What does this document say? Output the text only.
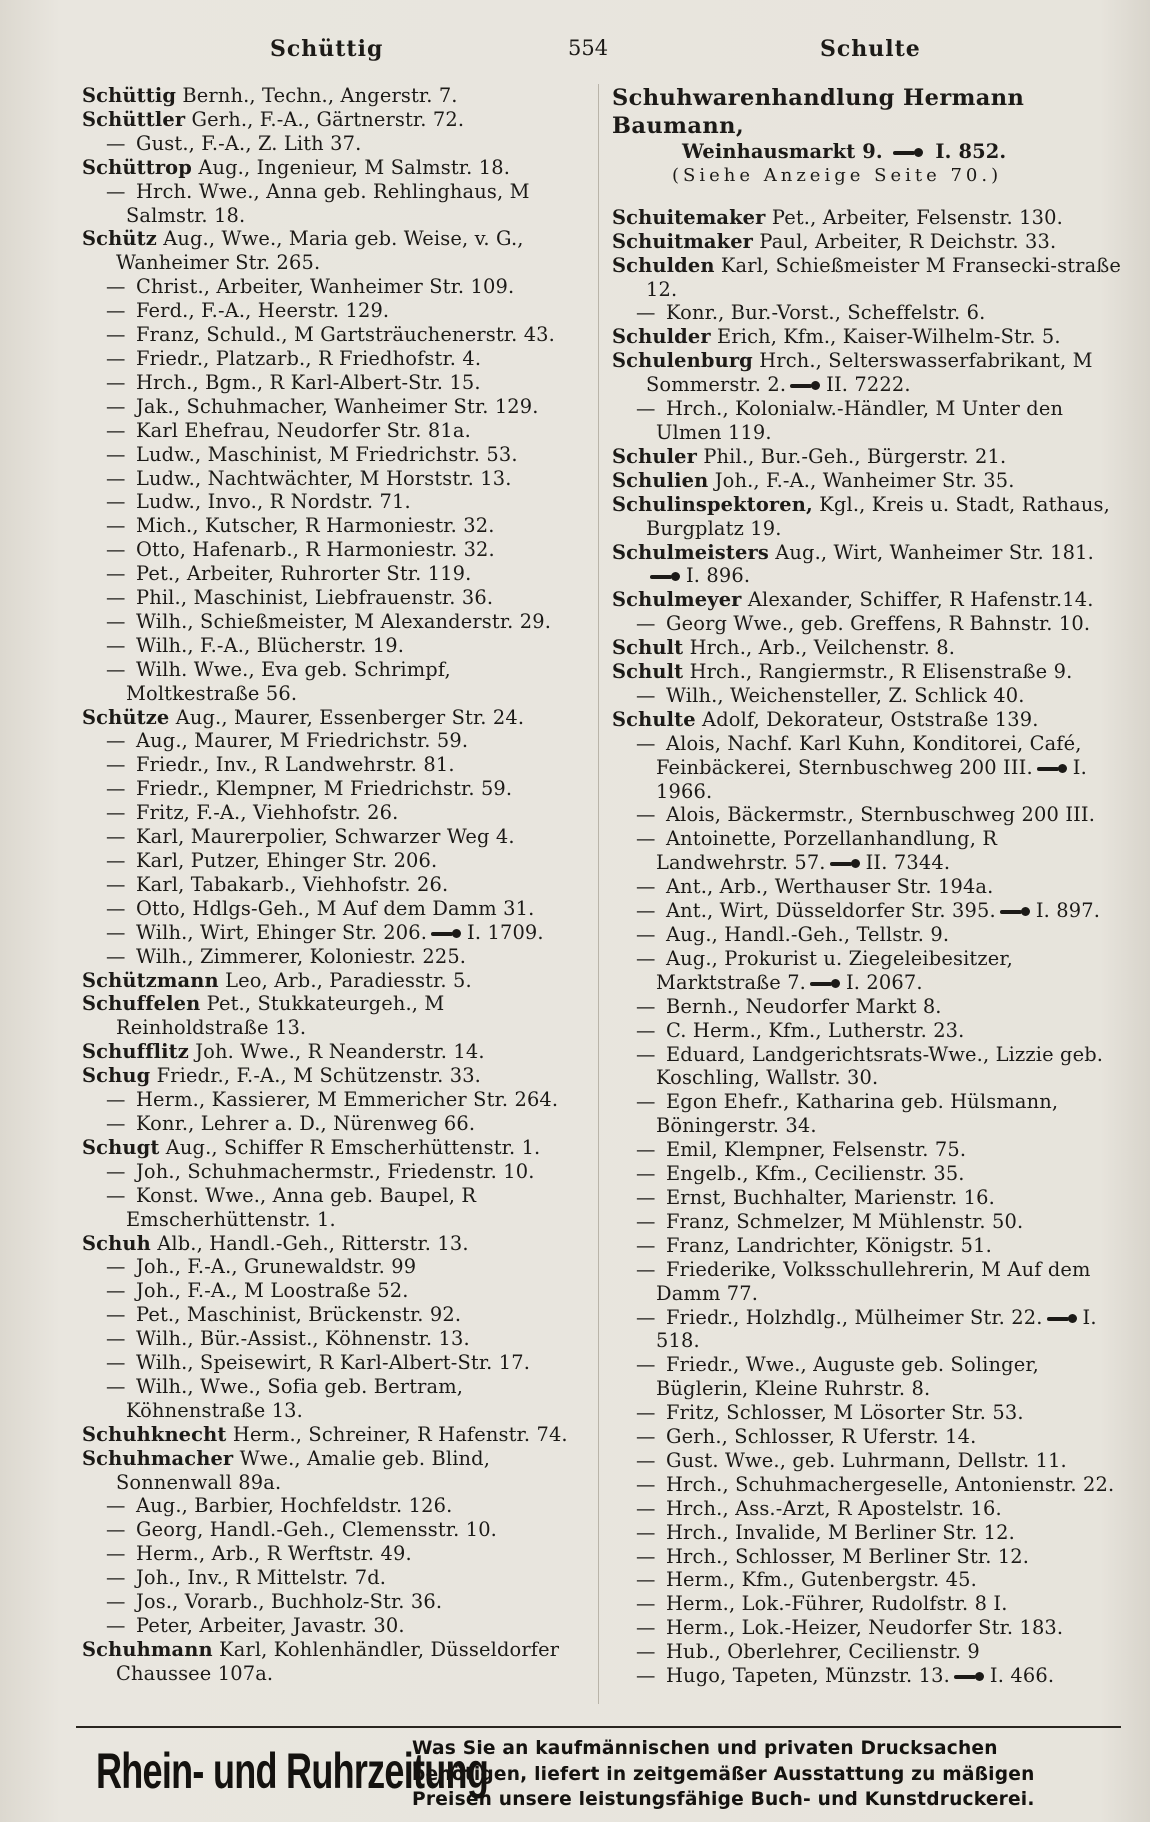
Schüttig	554	Schulte

Schüttig Bernh., Techn., Angerstr. 7.

Schüttler Gerh., F.-A., Gärtnerstr. 72.

— Gust., F.-A., Z. Lith 37.

Schüttrop Aug., Ingenieur, M Salmstr. 18.

— Hrch. Wwe., Anna geb. Rehlinghaus, M Salmstr. 18.

Schütz Aug., Wwe., Maria geb. Weise, v. G., Wanheimer Str. 265.

— Christ., Arbeiter, Wanheimer Str. 109.

— Ferd., F.-A., Heerstr. 129.

— Franz, Schuld., M Gartsträuchenerstr. 43.

— Friedr., Platzarb., R Friedhofstr. 4.

— Hrch., Bgm., R Karl-Albert-Str. 15.

— Jak., Schuhmacher, Wanheimer Str. 129.

— Karl Ehefrau, Neudorfer Str. 81a.

— Ludw., Maschinist, M Friedrichstr. 53.

— Ludw., Nachtwächter, M Horststr. 13.

— Ludw., Invo., R Nordstr. 71.

— Mich., Kutscher, R Harmoniestr. 32.

— Otto, Hafenarb., R Harmoniestr. 32.

— Pet., Arbeiter, Ruhrorter Str. 119.

— Phil., Maschinist, Liebfrauenstr. 36.

— Wilh., Schießmeister, M Alexanderstr. 29.

— Wilh., F.-A., Blücherstr. 19.

— Wilh. Wwe., Eva geb. Schrimpf, Moltkestraße 56.

Schütze Aug., Maurer, Essenberger Str. 24.

— Aug., Maurer, M Friedrichstr. 59.

— Friedr., Inv., R Landwehrstr. 81.

— Friedr., Klempner, M Friedrichstr. 59.

— Fritz, F.-A., Viehhofstr. 26.

— Karl, Maurerpolier, Schwarzer Weg 4.

— Karl, Putzer, Ehinger Str. 206.

— Karl, Tabakarb., Viehhofstr. 26.

— Otto, Hdlgs-Geh., M Auf dem Damm 31.

— Wilh., Wirt, Ehinger Str. 206. I. 1709.

— Wilh., Zimmerer, Koloniestr. 225.

Schützmann Leo, Arb., Paradiesstr. 5.

Schuffelen Pet., Stukkateurgeh., M Reinholdstraße 13.

Schufflitz Joh. Wwe., R Neanderstr. 14.

Schug Friedr., F.-A., M Schützenstr. 33.

— Herm., Kassierer, M Emmericher Str. 264.

— Konr., Lehrer a. D., Nürenweg 66.

Schugt Aug., Schiffer R Emscherhüttenstr. 1.

— Joh., Schuhmachermstr., Friedenstr. 10.

— Konst. Wwe., Anna geb. Baupel, R Emscherhüttenstr. 1.

Schuh Alb., Handl.-Geh., Ritterstr. 13.

— Joh., F.-A., Grunewaldstr. 99

— Joh., F.-A., M Loostraße 52.

— Pet., Maschinist, Brückenstr. 92.

— Wilh., Bür.-Assist., Köhnenstr. 13.

— Wilh., Speisewirt, R Karl-Albert-Str. 17.

— Wilh., Wwe., Sofia geb. Bertram, Köhnenstraße 13.

Schuhknecht Herm., Schreiner, R Hafenstr. 74.

Schuhmacher Wwe., Amalie geb. Blind, Sonnenwall 89a.

— Aug., Barbier, Hochfeldstr. 126.

— Georg, Handl.-Geh., Clemensstr. 10.

— Herm., Arb., R Werftstr. 49.

— Joh., Inv., R Mittelstr. 7d.

— Jos., Vorarb., Buchholz-Str. 36.

— Peter, Arbeiter, Javastr. 30.

Schuhmann Karl, Kohlenhändler, Düsseldorfer Chaussee 107a.

Schuhwarenhandlung Hermann Baumann,

Weinhausmarkt 9.	I. 852.

(Siehe Anzeige Seite 70.)

Schuitemaker Pet., Arbeiter, Felsenstr. 130.

Schuitmaker Paul, Arbeiter, R Deichstr. 33.

Schulden Karl, Schießmeister M Fransecki-straße 12.

— Konr., Bur.-Vorst., Scheffelstr. 6.

Schulder Erich, Kfm., Kaiser-Wilhelm-Str. 5.

Schulenburg Hrch., Selterswasserfabrikant, M Sommerstr. 2. II. 7222.

— Hrch., Kolonialw.-Händler, M Unter den Ulmen 119.

Schuler Phil., Bur.-Geh., Bürgerstr. 21.

Schulien Joh., F.-A., Wanheimer Str. 35.

Schulinspektoren, Kgl., Kreis u. Stadt, Rathaus, Burgplatz 19.

Schulmeisters Aug., Wirt, Wanheimer Str. 181.I. 896.

Schulmeyer Alexander, Schiffer, R Hafenstr.14.

— Georg Wwe., geb. Greffens, R Bahnstr. 10.

Schult Hrch., Arb., Veilchenstr. 8.

Schult Hrch., Rangiermstr., R Elisenstraße 9.

— Wilh., Weichensteller, Z. Schlick 40.

Schulte Adolf, Dekorateur, Oststraße 139.

— Alois, Nachf. Karl Kuhn, Konditorei, Café, Feinbäckerei, Sternbuschweg 200 III. I. 1966.

— Alois, Bäckermstr., Sternbuschweg 200 III.

— Antoinette, Porzellanhandlung, R Landwehrstr. 57. II. 7344.

— Ant., Arb., Werthauser Str. 194a.

— Ant., Wirt, Düsseldorfer Str. 395. I. 897.

— Aug., Handl.-Geh., Tellstr. 9.

— Aug., Prokurist u. Ziegeleibesitzer, Marktstraße 7. I. 2067.

— Bernh., Neudorfer Markt 8.

— C. Herm., Kfm., Lutherstr. 23.

— Eduard, Landgerichtsrats-Wwe., Lizzie geb. Koschling, Wallstr. 30.

— Egon Ehefr., Katharina geb. Hülsmann, Böningerstr. 34.

— Emil, Klempner, Felsenstr. 75.

— Engelb., Kfm., Cecilienstr. 35.

— Ernst, Buchhalter, Marienstr. 16.

— Franz, Schmelzer, M Mühlenstr. 50.

— Franz, Landrichter, Königstr. 51.

— Friederike, Volksschullehrerin, M Auf dem Damm 77.

— Friedr., Holzhdlg., Mülheimer Str. 22. I. 518.

— Friedr., Wwe., Auguste geb. Solinger, Büglerin, Kleine Ruhrstr. 8.

— Fritz, Schlosser, M Lösorter Str. 53.

— Gerh., Schlosser, R Uferstr. 14.

— Gust. Wwe., geb. Luhrmann, Dellstr. 11.

— Hrch., Schuhmachergeselle, Antonienstr. 22.

— Hrch., Ass.-Arzt, R Apostelstr. 16.

— Hrch., Invalide, M Berliner Str. 12.

— Hrch., Schlosser, M Berliner Str. 12.

— Herm., Kfm., Gutenbergstr. 45.

— Herm., Lok.-Führer, Rudolfstr. 8 I.

— Herm., Lok.-Heizer, Neudorfer Str. 183.

— Hub., Oberlehrer, Cecilienstr. 9

— Hugo, Tapeten, Münzstr. 13. I. 466.

Rhein- und Ruhrzeitung
Was Sie an kaufmännischen und privaten Drucksachen
benötigen, liefert in zeitgemäßer Ausstattung zu mäßigen
Preisen unsere leistungsfähige Buch- und Kunstdruckerei.
